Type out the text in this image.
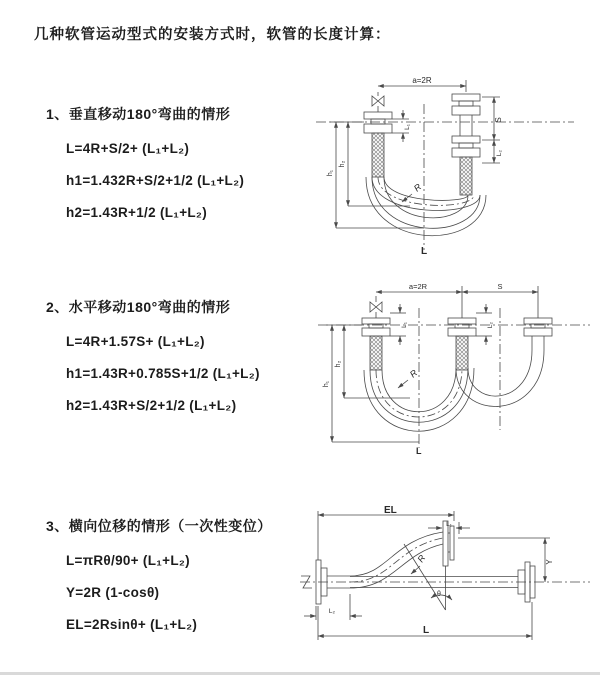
几种软管运动型式的安装方式时，软管的长度计算：
1、垂直移动180°弯曲的情形
L=4R+S/2+ (L₁+L₂)
h1=1.432R+S/2+1/2 (L₁+L₂)
h2=1.43R+1/2 (L₁+L₂)
2、水平移动180°弯曲的情形
L=4R+1.57S+ (L₁+L₂)
h1=1.43R+0.785S+1/2 (L₁+L₂)
h2=1.43R+S/2+1/2 (L₁+L₂)
3、横向位移的情形（一次性变位）
L=πRθ/90+ (L₁+L₂)
Y=2R (1-cosθ)
EL=2Rsinθ+ (L₁+L₂)
a=2R
S
L₂
L₁
h₁
h₂
R
L
a=2R	S
L₁	L₂
h₁
h₂
R
L
EL
L₁
Y
θ
R
L
L₂
